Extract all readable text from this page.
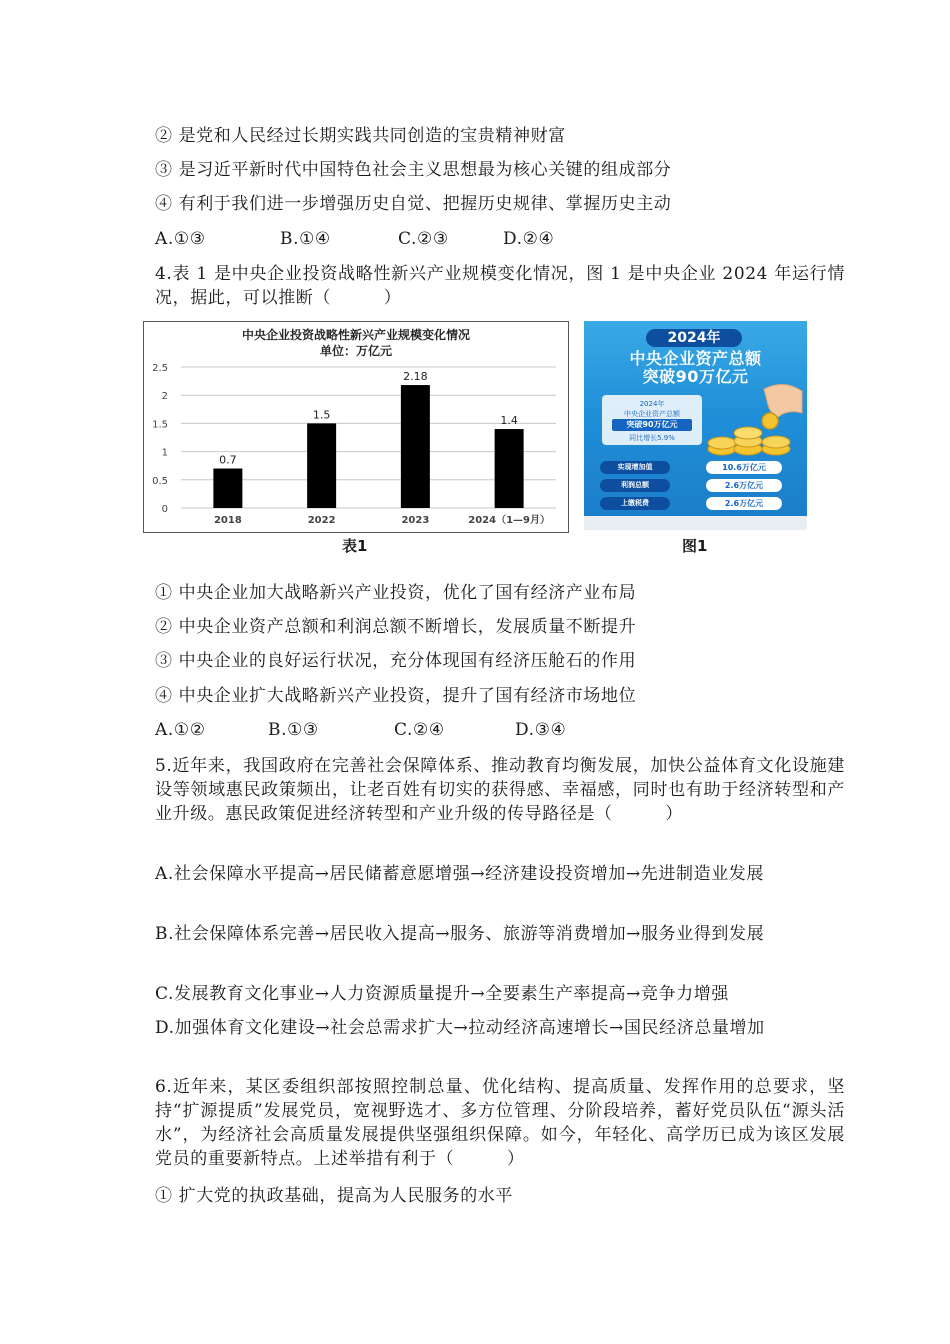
② 是党和人民经过长期实践共同创造的宝贵精神财富
③ 是习近平新时代中国特色社会主义思想最为核心关键的组成部分
④ 有利于我们进一步增强历史自觉、把握历史规律、掌握历史主动
A.①③	B.①④	C.②③	D.②④
4.表 1 是中央企业投资战略性新兴产业规模变化情况，图 1 是中央企业 2024 年运行情况，据此，可以推断（　　　）
中央企业投资战略性新兴产业规模变化情况
单位：万亿元
0
0.5
1
1.5
2
2.5
0.7
1.5
2.18
1.4
2018	2022	2023	2024（1—9月）
表1
2024年
中央企业资产总额
突破90万亿元
2024年
中央企业资产总额
突破90万亿元
同比增长5.9%
实现增加值	10.6万亿元
利润总额	2.6万亿元
上缴税费	2.6万亿元
图1
① 中央企业加大战略新兴产业投资，优化了国有经济产业布局
② 中央企业资产总额和利润总额不断增长，发展质量不断提升
③ 中央企业的良好运行状况，充分体现国有经济压舱石的作用
④ 中央企业扩大战略新兴产业投资，提升了国有经济市场地位
A.①②	B.①③	C.②④	D.③④
5.近年来，我国政府在完善社会保障体系、推动教育均衡发展，加快公益体育文化设施建设等领域惠民政策频出，让老百姓有切实的获得感、幸福感，同时也有助于经济转型和产业升级。惠民政策促进经济转型和产业升级的传导路径是（　　　）
A.社会保障水平提高→居民储蓄意愿增强→经济建设投资增加→先进制造业发展
B.社会保障体系完善→居民收入提高→服务、旅游等消费增加→服务业得到发展
C.发展教育文化事业→人力资源质量提升→全要素生产率提高→竞争力增强
D.加强体育文化建设→社会总需求扩大→拉动经济高速增长→国民经济总量增加
6.近年来，某区委组织部按照控制总量、优化结构、提高质量、发挥作用的总要求，坚持“扩源提质”发展党员，宽视野选才、多方位管理、分阶段培养，蓄好党员队伍“源头活水”，为经济社会高质量发展提供坚强组织保障。如今，年轻化、高学历已成为该区发展党员的重要新特点。上述举措有利于（　　　）
① 扩大党的执政基础，提高为人民服务的水平
